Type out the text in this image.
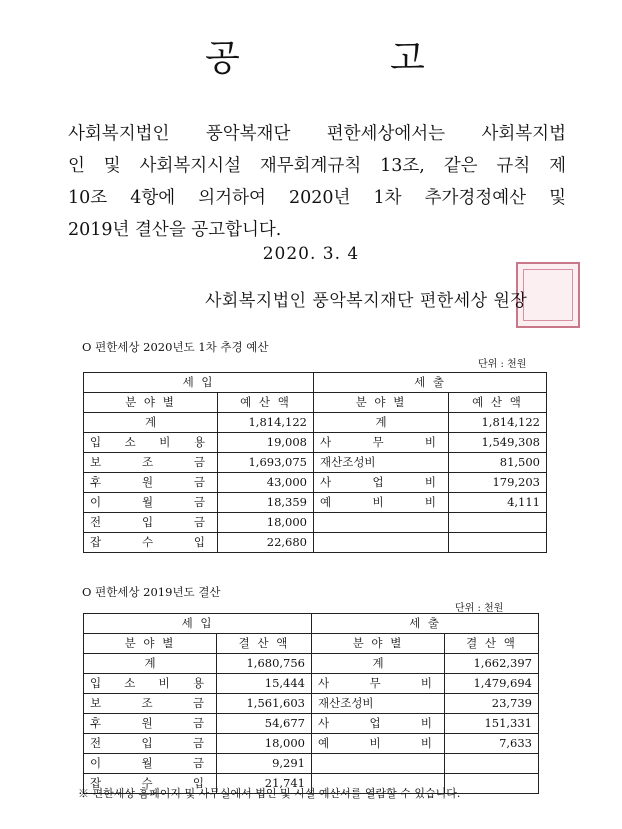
공	고
사회복지법인 풍악복재단 편한세상에서는 사회복지법
인 및 사회복지시설 재무회계규칙 13조, 같은 규칙 제
10조 4항에 의거하여 2020년 1차 추가경정예산 및
2019년 결산을 공고합니다.
2020. 3. 4
사회복지법인 풍악복지재단 편한세상 원장
O 편한세상 2020년도 1차 추경 예산
단위 : 천원
세 입		세 출	
분 야 별	예 산 액	분 야 별	예 산 액
계	1,814,122	계	1,814,122

입 소 비 용	19,008	사 무 비	1,549,308

보 조 금	1,693,075	재산조성비	81,500

후 원 금	43,000	사 업 비	179,203

이 월 금	18,359	예 비 비	4,111

전 입 금	18,000		

잡 수 입	22,680		
O 편한세상 2019년도 결산
단위 : 천원
세 입		세 출	
분 야 별	결 산 액	분 야 별	결 산 액
계	1,680,756	계	1,662,397

입 소 비 용	15,444	사 무 비	1,479,694

보 조 금	1,561,603	재산조성비	23,739

후 원 금	54,677	사 업 비	151,331

전 입 금	18,000	예 비 비	7,633

이 월 금	9,291		

잡 수 입	21,741		
※ 편한세상 홈페이지 및 사무실에서 법인 및 시설 예산서를 열람할 수 있습니다.
